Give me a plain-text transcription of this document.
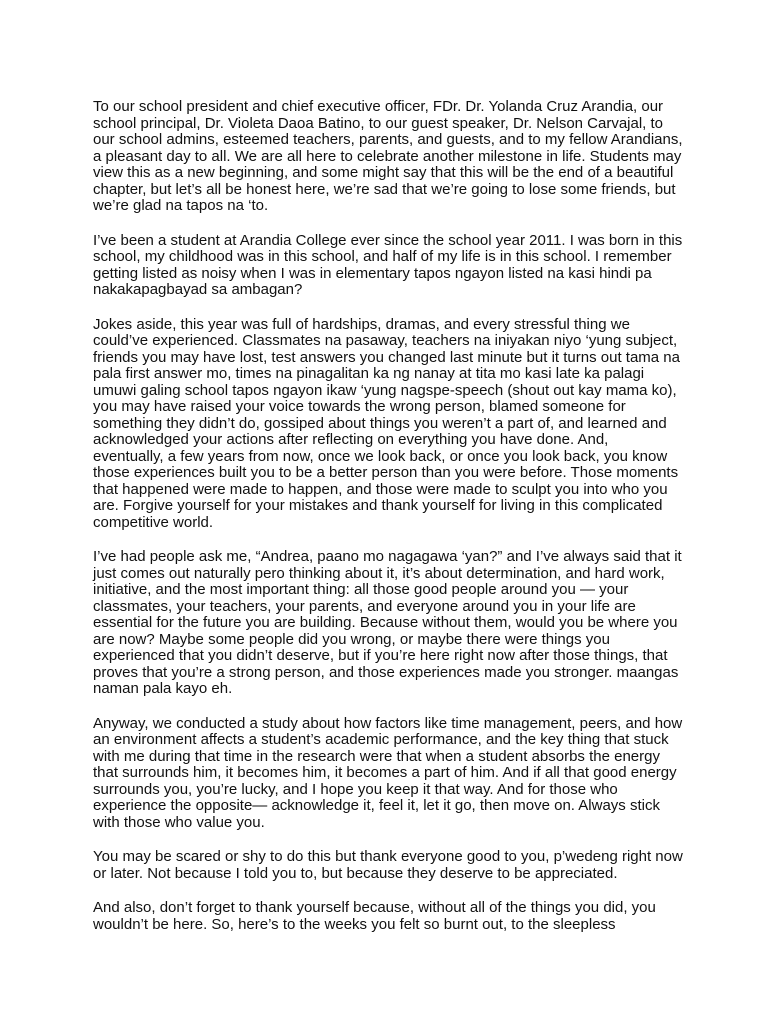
To our school president and chief executive officer, FDr. Dr. Yolanda Cruz Arandia, our school principal, Dr. Violeta Daoa Batino, to our guest speaker, Dr. Nelson Carvajal, to our school admins, esteemed teachers, parents, and guests, and to my fellow Arandians, a pleasant day to all. We are all here to celebrate another milestone in life. Students may view this as a new beginning, and some might say that this will be the end of a beautiful chapter, but let’s all be honest here, we’re sad that we’re going to lose some friends, but we’re glad na tapos na ‘to.

I’ve been a student at Arandia College ever since the school year 2011. I was born in this school, my childhood was in this school, and half of my life is in this school. I remember getting listed as noisy when I was in elementary tapos ngayon listed na kasi hindi pa nakakapagbayad sa ambagan?

Jokes aside, this year was full of hardships, dramas, and every stressful thing we could’ve experienced. Classmates na pasaway, teachers na iniyakan niyo ‘yung subject, friends you may have lost, test answers you changed last minute but it turns out tama na pala first answer mo, times na pinagalitan ka ng nanay at tita mo kasi late ka palagi umuwi galing school tapos ngayon ikaw ‘yung nagspe-speech (shout out kay mama ko), you may have raised your voice towards the wrong person, blamed someone for something they didn’t do, gossiped about things you weren’t a part of, and learned and acknowledged your actions after reflecting on everything you have done. And, eventually, a few years from now, once we look back, or once you look back, you know those experiences built you to be a better person than you were before. Those moments that happened were made to happen, and those were made to sculpt you into who you are. Forgive yourself for your mistakes and thank yourself for living in this complicated competitive world.

I’ve had people ask me, “Andrea, paano mo nagagawa ‘yan?” and I’ve always said that it just comes out naturally pero thinking about it, it’s about determination, and hard work, initiative, and the most important thing: all those good people around you — your classmates, your teachers, your parents, and everyone around you in your life are essential for the future you are building. Because without them, would you be where you are now? Maybe some people did you wrong, or maybe there were things you experienced that you didn’t deserve, but if you’re here right now after those things, that proves that you’re a strong person, and those experiences made you stronger. maangas naman pala kayo eh.

Anyway, we conducted a study about how factors like time management, peers, and how an environment affects a student’s academic performance, and the key thing that stuck with me during that time in the research were that when a student absorbs the energy that surrounds him, it becomes him, it becomes a part of him. And if all that good energy surrounds you, you’re lucky, and I hope you keep it that way. And for those who experience the opposite— acknowledge it, feel it, let it go, then move on. Always stick with those who value you.

You may be scared or shy to do this but thank everyone good to you, p’wedeng right now or later. Not because I told you to, but because they deserve to be appreciated.

And also, don’t forget to thank yourself because, without all of the things you did, you wouldn’t be here. So, here’s to the weeks you felt so burnt out, to the sleepless
